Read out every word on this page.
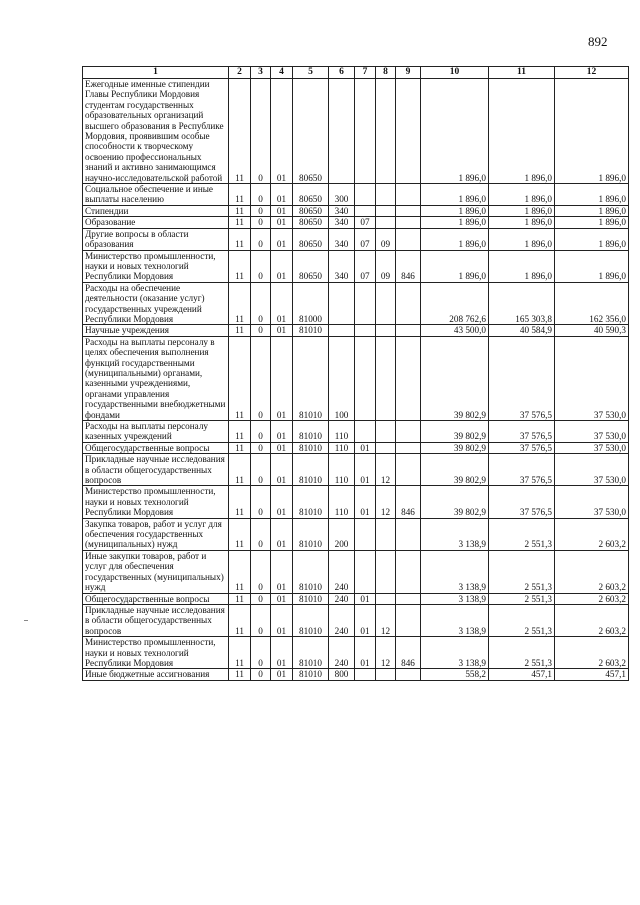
892
1	2	3	4	5	6	7	8	9	10	11	12
Ежегодные именные стипендии Главы Республики Мордовия студентам государственных образовательных организаций высшего образования в Республике Мордовия, проявившим особые способности к творческому освоению профессиональных знаний и активно занимающимся научно-исследовательской работой	11	0	01	80650					1 896,0	1 896,0	1 896,0
Социальное обеспечение и иные выплаты населению	11	0	01	80650	300				1 896,0	1 896,0	1 896,0
Стипендии	11	0	01	80650	340				1 896,0	1 896,0	1 896,0
Образование	11	0	01	80650	340	07			1 896,0	1 896,0	1 896,0
Другие вопросы в области образования	11	0	01	80650	340	07	09		1 896,0	1 896,0	1 896,0
Министерство промышленности, науки и новых технологий Республики Мордовия	11	0	01	80650	340	07	09	846	1 896,0	1 896,0	1 896,0
Расходы на обеспечение деятельности (оказание услуг) государственных учреждений Республики Мордовия	11	0	01	81000					208 762,6	165 303,8	162 356,0
Научные учреждения	11	0	01	81010					43 500,0	40 584,9	40 590,3
Расходы на выплаты персоналу в целях обеспечения выполнения функций государственными (муниципальными) органами, казенными учреждениями, органами управления государственными внебюджетными фондами	11	0	01	81010	100				39 802,9	37 576,5	37 530,0
Расходы на выплаты персоналу казенных учреждений	11	0	01	81010	110				39 802,9	37 576,5	37 530,0
Общегосударственные вопросы	11	0	01	81010	110	01			39 802,9	37 576,5	37 530,0
Прикладные научные исследования в области общегосударственных вопросов	11	0	01	81010	110	01	12		39 802,9	37 576,5	37 530,0
Министерство промышленности, науки и новых технологий Республики Мордовия	11	0	01	81010	110	01	12	846	39 802,9	37 576,5	37 530,0
Закупка товаров, работ и услуг для обеспечения государственных (муниципальных) нужд	11	0	01	81010	200				3 138,9	2 551,3	2 603,2
Иные закупки товаров, работ и услуг для обеспечения государственных (муниципальных) нужд	11	0	01	81010	240				3 138,9	2 551,3	2 603,2
Общегосударственные вопросы	11	0	01	81010	240	01			3 138,9	2 551,3	2 603,2
Прикладные научные исследования в области общегосударственных вопросов	11	0	01	81010	240	01	12		3 138,9	2 551,3	2 603,2
Министерство промышленности, науки и новых технологий Республики Мордовия	11	0	01	81010	240	01	12	846	3 138,9	2 551,3	2 603,2
Иные бюджетные ассигнования	11	0	01	81010	800				558,2	457,1	457,1
